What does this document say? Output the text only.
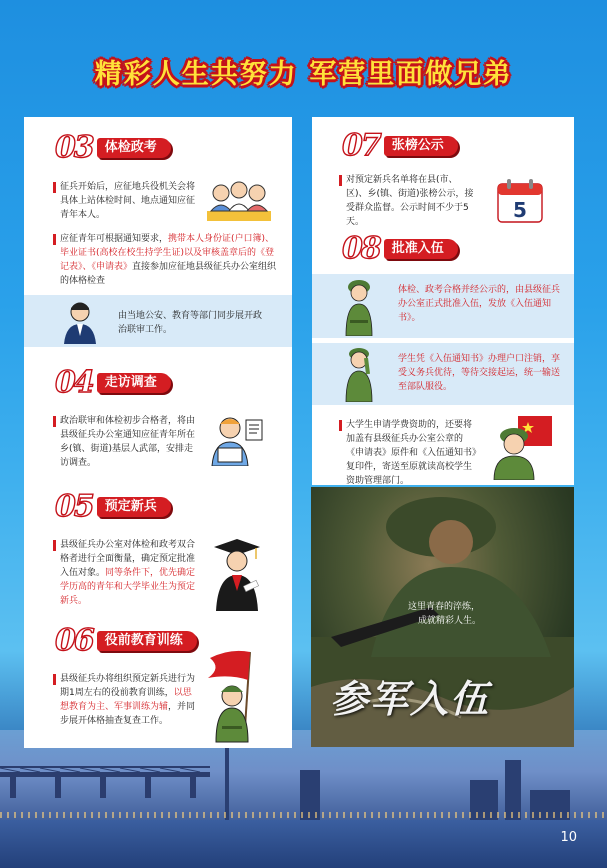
精彩人生共努力 军营里面做兄弟
03 体检政考
征兵开始后，应征地兵役机关会将具体上站体检时间、地点通知应征青年本人。
应征青年可根据通知要求，携带本人身份证(户口簿)、毕业证书(高校在校生持学生证)以及审核盖章后的《登记表》、《申请表》直接参加应征地县级征兵办公室组织的体格检查
由当地公安、教育等部门同步展开政治联审工作。
04 走访调查
政治联审和体检初步合格者，将由县级征兵办公室通知应征青年所在乡(镇、街道)基层人武部，安排走访调查。
05 预定新兵
县级征兵办公室对体检和政考双合格者进行全面衡量，确定预定批准入伍对象。同等条件下，优先确定学历高的青年和大学毕业生为预定新兵。
06 役前教育训练
县级征兵办将组织预定新兵进行为期1周左右的役前教育训练，以思想教育为主、军事训练为辅，并同步展开体格抽查复查工作。
07 张榜公示
对预定新兵名单将在县(市、区)、乡(镇、街道)张榜公示，接受群众监督。公示时间不少于5天。	5
08 批准入伍
体检、政考合格并经公示的，由县级征兵办公室正式批准入伍，发放《入伍通知书》。
学生凭《入伍通知书》办理户口注销，享受义务兵优待，等待交接起运，统一输送至部队服役。
大学生申请学费资助的，还要将加盖有县级征兵办公室公章的《申请表》原件和《入伍通知书》复印件，寄送至原就读高校学生资助管理部门。
这里青春的淬炼，
成就精彩人生。
参军入伍
10
